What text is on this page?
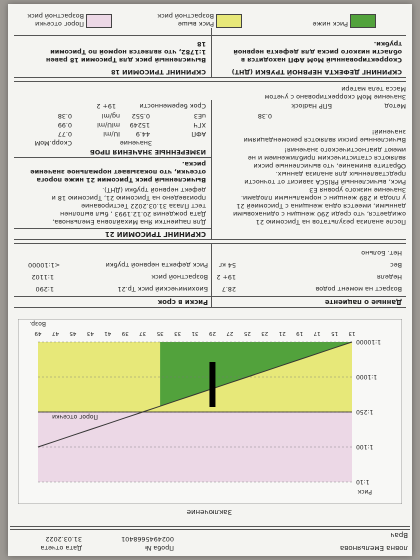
ловна Емельянова
Врач
Проба №
0024945668401
Дата отчета
31.03.2022
Заключение
1:10
1:100
1:250
1:1000
1:10000
13
15
17
19
21
23
25
27
29
31
33
35
37
39
41
43
45
47
49
Риск
Возр.
Порог отсечки
Данные о пациенте
Риски в срок
Возраст на момент родов
28.7
Неделя
19+ 2
Вес
54 кг
Нет. Больно
Биохимический риск Тр.21
1:290
Возрастной риск
1:1102
Риск дефекта нервной трубки
<1:10000
СКРИНИНГ ТРИСОМИИ 21
Для пациентки Яна Михайловна Емельянова,
Дата рождения 20.12.1993 , был выполнен
тест Плаза 31.03.2022 Тестирование
произведено на Трисомию 21, Трисомию 18 и
дефект нервной трубки (ДНТ).
Вычисленный риск Трисомии 21 ниже порога
отсечки, что показывает нормальное значение
риска.
После анализа результатов на Трисомию 21
ожидается, что среди 290 женщин с одинаковыми
данными, имеется одна женщина с Трисомией 21
у плода и 289 женщин с нормальными плодами.
Значение низкого уровня ЕЗ
Риск, вычисленный PRISCA зависит от точности
представленных для анализа данных.
Обратите внимание, что вычисленные риски
являются статистическим приближением и не
имеют диагностического значения!
ИЗМЕРЕННЫЕ ЗНАЧЕНИЯ ПРОБ
Значение
Скорр.МоМ
АФП
44.9
IU/ml
0.77
ХГЧ
15249
mIU/ml
0.99
uЕ3
0.552
ng/ml
0.38	0.38
Срок беременности
19+ 2
Вычисленные риски являются рекомендациями
значений!
Метод
БПР Hadlock
Значение МоМ скорректировано с учетом
Масса тела матери
СКРИНИНГ ТРИСОМИИ 18
Вычисленный риск для Трисомии 18 равен
1:1782, что является нормой по Трисомии
18
СКРИНИНГ ДЕФЕКТА НЕРВНОЙ ТРУБКИ (ДНТ)
Скорректированный МоМ АФП находится в
области низкого риска для дефекта нервной
трубки.
Порог отсечки
Возрастной риск
Риск выше
Возрастной риск
Риск ниже
